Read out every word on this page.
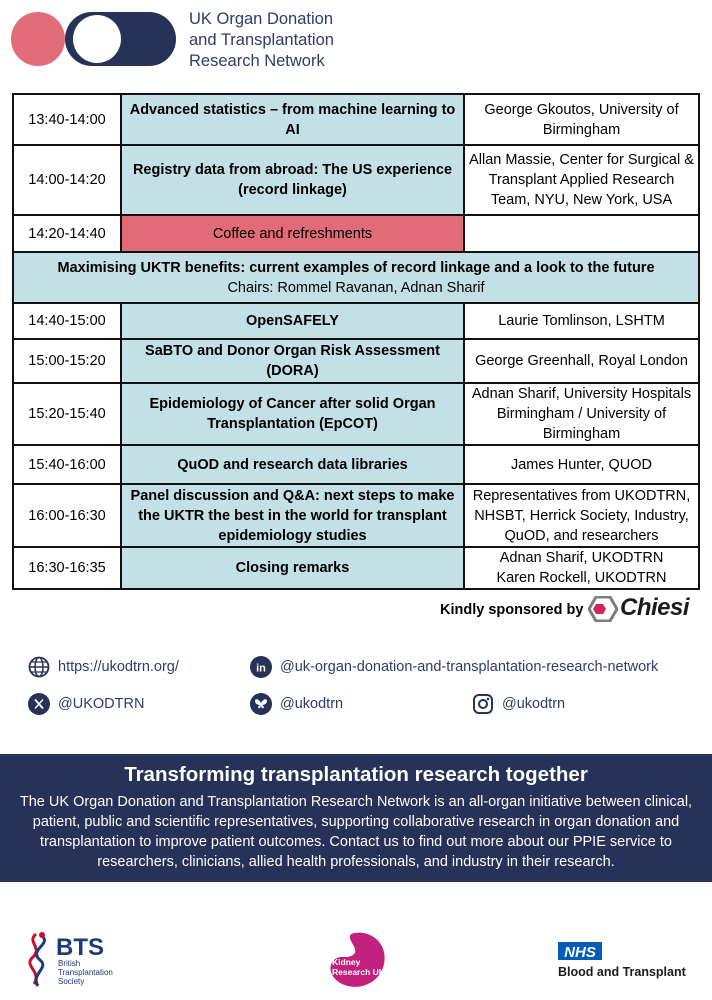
UK Organ Donation
and Transplantation
Research Network
13:40-14:00	Advanced statistics – from machine learning to AI	George Gkoutos, University of Birmingham
14:00-14:20	Registry data from abroad: The US experience (record linkage)	Allan Massie, Center for Surgical & Transplant Applied Research Team, NYU, New York, USA
14:20-14:40	Coffee and refreshments	

Maximising UKTR benefits: current examples of record linkage and a look to the future
Chairs: Rommel Ravanan, Adnan Sharif		

14:40-15:00	OpenSAFELY	Laurie Tomlinson, LSHTM
15:00-15:20	SaBTO and Donor Organ Risk Assessment (DORA)	George Greenhall, Royal London
15:20-15:40	Epidemiology of Cancer after solid Organ Transplantation (EpCOT)	Adnan Sharif, University Hospitals Birmingham / University of Birmingham
15:40-16:00	QuOD and research data libraries	James Hunter, QUOD
16:00-16:30	Panel discussion and Q&A: next steps to make the UKTR the best in the world for transplant epidemiology studies	Representatives from UKODTRN, NHSBT, Herrick Society, Industry, QuOD, and researchers
16:30-16:35	Closing remarks	Adnan Sharif, UKODTRN
Karen Rockell, UKODTRN
Kindly sponsored by Chiesi
https://ukodtrn.org/	in @uk-organ-donation-and-transplantation-research-network
@UKODTRN	@ukodtrn	@ukodtrn
Transforming transplantation research together
The UK Organ Donation and Transplantation Research Network is an all-organ initiative between clinical, patient, public and scientific representatives, supporting collaborative research in organ donation and transplantation to improve patient outcomes. Contact us to find out more about our PPIE service to researchers, clinicians, allied health professionals, and industry in their research.
BTS
British
Transplantation
Society
Kidney
Research UK
NHS
Blood and Transplant
